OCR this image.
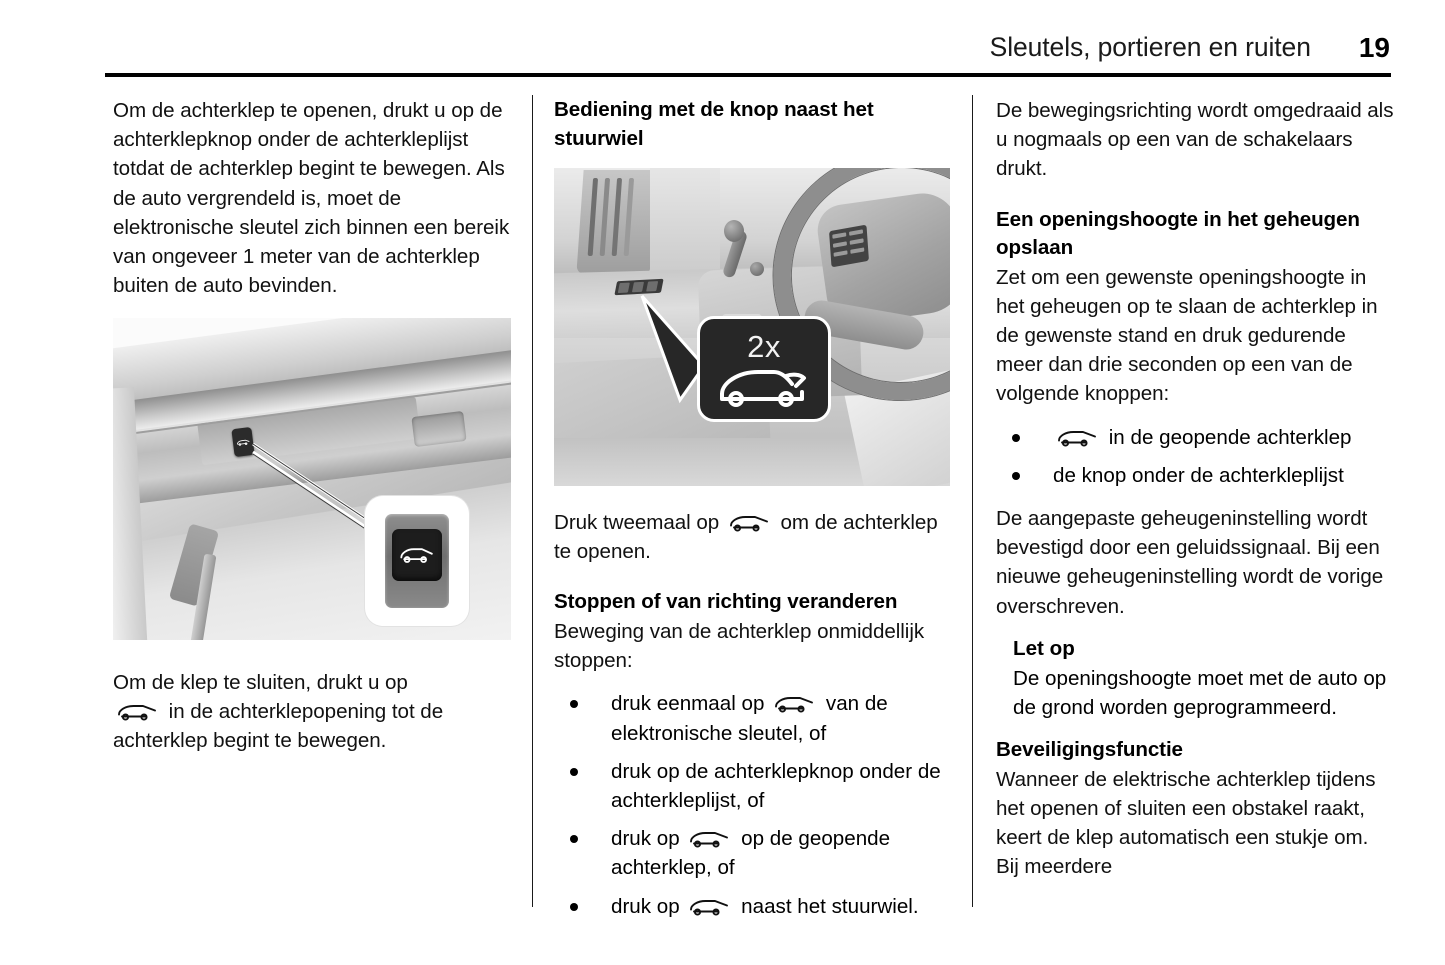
Sleutels, portieren en ruiten 19

Om de achterklep te openen, drukt u op de achterklepknop onder de achterkleplijst totdat de achterklep begint te bewegen. Als de auto vergrendeld is, moet de elektronische sleutel zich binnen een bereik van ongeveer 1 meter van de achterklep buiten de auto bevinden.

Om de klep te sluiten, drukt u op

in de achterklepopening tot de achterklep begint te bewegen.

Bediening met de knop naast het stuurwiel
2x

Druk tweemaal op	om de achterklep te openen.

Stoppen of van richting veranderen

Beweging van de achterklep onmiddellijk stoppen:

druk eenmaal op	van de elektronische sleutel, of
druk op de achterklepknop onder de achterkleplijst, of
druk op	op de geopende achterklep, of
druk op	naast het stuurwiel.

De bewegingsrichting wordt omgedraaid als u nogmaals op een van de schakelaars drukt.

Een openingshoogte in het geheugen opslaan

Zet om een gewenste openingshoogte in het geheugen op te slaan de achterklep in de gewenste stand en druk gedurende meer dan drie seconden op een van de volgende knoppen:

in de geopende achterklep
de knop onder de achterkleplijst

De aangepaste geheugeninstelling wordt bevestigd door een geluidssignaal. Bij een nieuwe geheugeninstelling wordt de vorige overschreven.

Let op

De openingshoogte moet met de auto op de grond worden geprogrammeerd.

Beveiligingsfunctie

Wanneer de elektrische achterklep tijdens het openen of sluiten een obstakel raakt, keert de klep automatisch een stukje om. Bij meerdere
